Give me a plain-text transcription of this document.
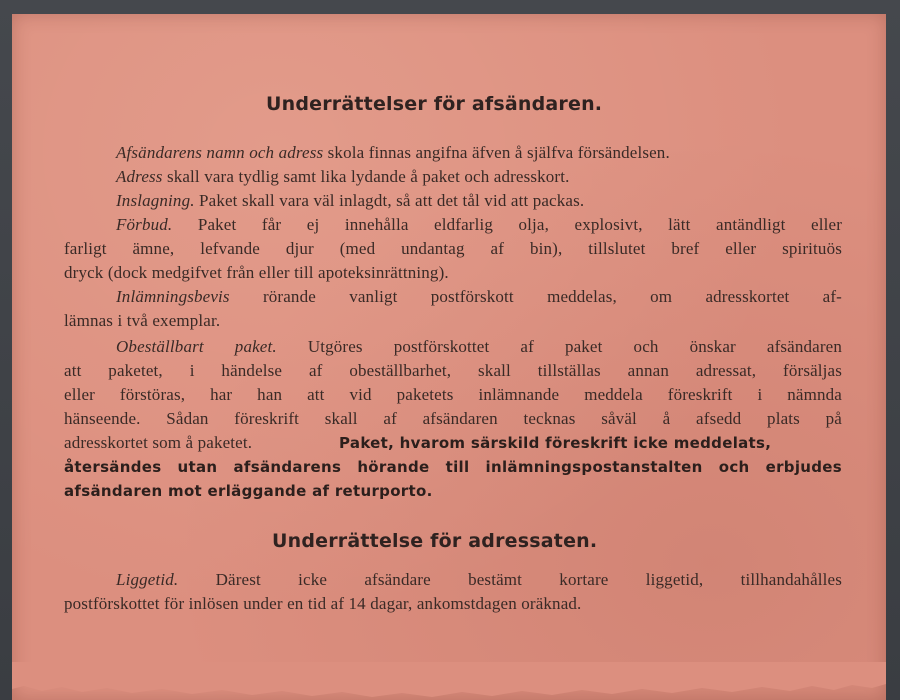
Underrättelser för afsändaren.
Afsändarens namn och adress skola finnas angifna äfven å själfva försändelsen.
Adress skall vara tydlig samt lika lydande å paket och adresskort.
Inslagning. Paket skall vara väl inlagdt, så att det tål vid att packas.
Förbud. Paket får ej innehålla eldfarlig olja, explosivt, lätt antändligt eller
farligt ämne, lefvande djur (med undantag af bin), tillslutet bref eller spirituös
dryck (dock medgifvet från eller till apoteksinrättning).
Inlämningsbevis rörande vanligt postförskott meddelas, om adresskortet af-
lämnas i två exemplar.
Obeställbart paket. Utgöres postförskottet af paket och önskar afsändaren
att paketet, i händelse af obeställbarhet, skall tillställas annan adressat, försäljas
eller förstöras, har han att vid paketets inlämnande meddela föreskrift i nämnda
hänseende. Sådan föreskrift skall af afsändaren tecknas såväl å afsedd plats på
adresskortet som å paketet.	Paket, hvarom särskild föreskrift icke meddelats,
återsändes utan afsändarens hörande till inlämningspostanstalten och erbjudes
afsändaren mot erläggande af returporto.
Underrättelse för adressaten.
Liggetid. Därest icke afsändare bestämt kortare liggetid, tillhandahålles
postförskottet för inlösen under en tid af 14 dagar, ankomstdagen oräknad.
